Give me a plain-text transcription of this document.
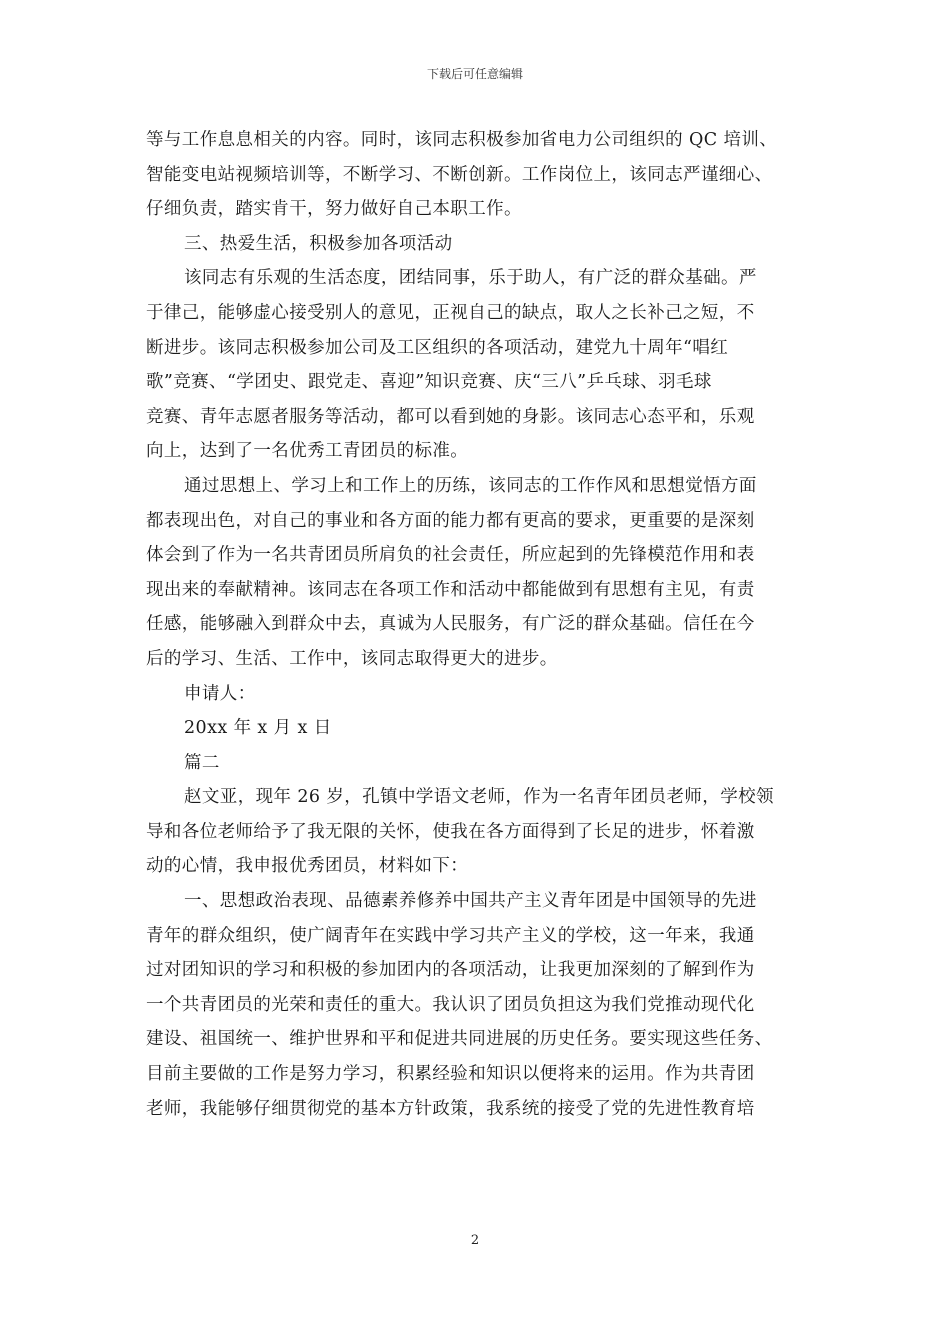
下载后可任意编辑
等与工作息息相关的内容。同时，该同志积极参加省电力公司组织的 QC 培训、
智能变电站视频培训等，不断学习、不断创新。工作岗位上，该同志严谨细心、
仔细负责，踏实肯干，努力做好自己本职工作。
三、热爱生活，积极参加各项活动
该同志有乐观的生活态度，团结同事，乐于助人，有广泛的群众基础。严
于律己，能够虚心接受别人的意见，正视自己的缺点，取人之长补己之短，不
断进步。该同志积极参加公司及工区组织的各项活动，建党九十周年“唱红
歌”竞赛、“学团史、跟党走、喜迎”知识竞赛、庆“三八”乒乓球、羽毛球
竞赛、青年志愿者服务等活动，都可以看到她的身影。该同志心态平和，乐观
向上，达到了一名优秀工青团员的标准。
通过思想上、学习上和工作上的历练，该同志的工作作风和思想觉悟方面
都表现出色，对自己的事业和各方面的能力都有更高的要求，更重要的是深刻
体会到了作为一名共青团员所肩负的社会责任，所应起到的先锋模范作用和表
现出来的奉献精神。该同志在各项工作和活动中都能做到有思想有主见，有责
任感，能够融入到群众中去，真诚为人民服务，有广泛的群众基础。信任在今
后的学习、生活、工作中，该同志取得更大的进步。
申请人：
20xx 年 x 月 x 日
篇二
赵文亚，现年 26 岁，孔镇中学语文老师，作为一名青年团员老师，学校领
导和各位老师给予了我无限的关怀，使我在各方面得到了长足的进步，怀着激
动的心情，我申报优秀团员，材料如下：
一、思想政治表现、品德素养修养中国共产主义青年团是中国领导的先进
青年的群众组织，使广阔青年在实践中学习共产主义的学校，这一年来，我通
过对团知识的学习和积极的参加团内的各项活动，让我更加深刻的了解到作为
一个共青团员的光荣和责任的重大。我认识了团员负担这为我们党推动现代化
建设、祖国统一、维护世界和平和促进共同进展的历史任务。要实现这些任务、
目前主要做的工作是努力学习，积累经验和知识以便将来的运用。作为共青团
老师，我能够仔细贯彻党的基本方针政策，我系统的接受了党的先进性教育培
2
